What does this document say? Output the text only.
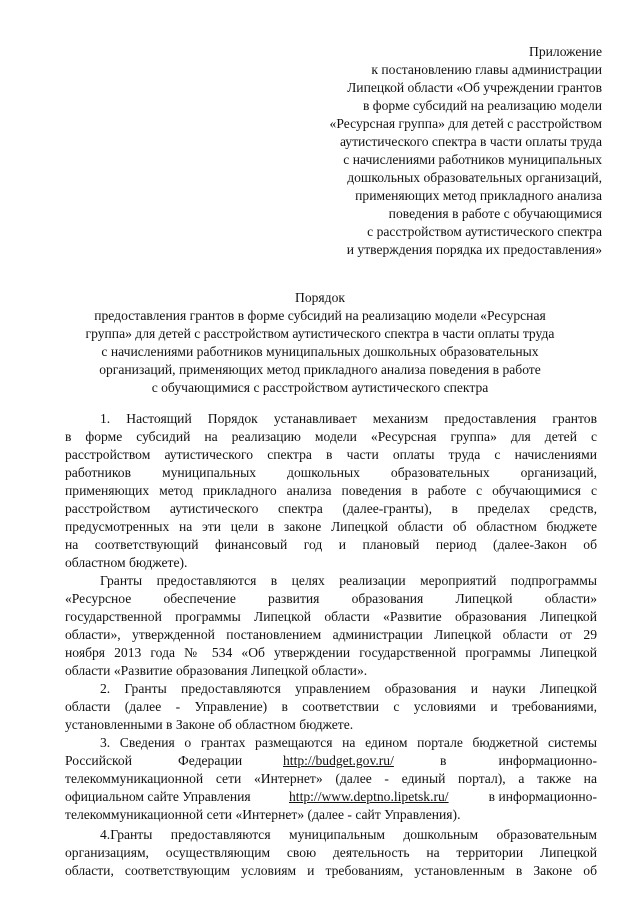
Приложение
к постановлению главы администрации
Липецкой области «Об учреждении грантов
в форме субсидий на реализацию модели
«Ресурсная группа» для детей с расстройством
аутистического спектра в части оплаты труда
с начислениями работников муниципальных
дошкольных образовательных организаций,
применяющих метод прикладного анализа
поведения в работе с обучающимися
с расстройством аутистического спектра
и утверждения порядка их предоставления»
Порядок
предоставления грантов в форме субсидий на реализацию модели «Ресурсная
группа» для детей с расстройством аутистического спектра в части оплаты труда
с начислениями работников муниципальных дошкольных образовательных
организаций, применяющих метод прикладного анализа поведения в работе
с обучающимися с расстройством аутистического спектра
1. Настоящий Порядок устанавливает механизм предоставления грантов
в форме субсидий на реализацию модели «Ресурсная группа» для детей с
расстройством аутистического спектра в части оплаты труда с начислениями
работников муниципальных дошкольных образовательных организаций,
применяющих метод прикладного анализа поведения в работе с обучающимися с
расстройством аутистического спектра (далее-гранты), в пределах средств,
предусмотренных на эти цели в законе Липецкой области об областном бюджете
на соответствующий финансовый год и плановый период (далее-Закон об
областном бюджете).
Гранты предоставляются в целях реализации мероприятий подпрограммы
«Ресурсное обеспечение развития образования Липецкой области»
государственной программы Липецкой области «Развитие образования Липецкой
области», утвержденной постановлением администрации Липецкой области от 29
ноября 2013 года № 534 «Об утверждении государственной программы Липецкой
области «Развитие образования Липецкой области».
2. Гранты предоставляются управлением образования и науки Липецкой
области (далее - Управление) в соответствии с условиями и требованиями,
установленными в Законе об областном бюджете.
3. Сведения о грантах размещаются на едином портале бюджетной системы
Российской	Федерации	http://budget.gov.ru/	в	информационно-
телекоммуникационной сети «Интернет» (далее - единый портал), а также на
официальном сайте Управления	http://www.deptno.lipetsk.ru/	в информационно-
телекоммуникационной сети «Интернет» (далее - сайт Управления).
4.Гранты предоставляются муниципальным дошкольным образовательным
организациям, осуществляющим свою деятельность на территории Липецкой
области, соответствующим условиям и требованиям, установленным в Законе об
